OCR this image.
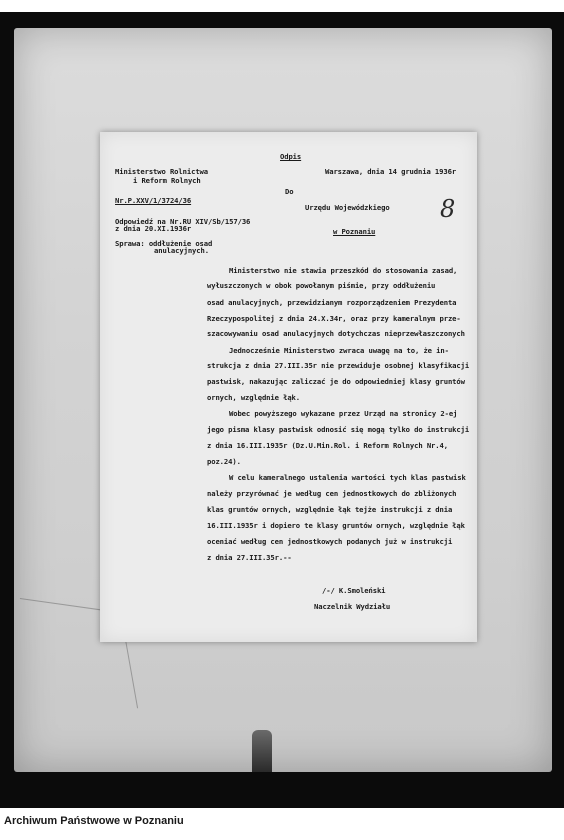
Odpis
Ministerstwo Rolnictwa
i Reform Rolnych
Nr.P.XXV/1/3724/36
Warszawa, dnia 14 grudnia 1936r
Do
Urzędu Wojewódzkiego
w Poznaniu
8
Odpowiedź na Nr.RU XIV/Sb/157/36
z dnia 20.XI.1936r
Sprawa: oddłużenie osad
anulacyjnych.
Ministerstwo nie stawia przeszkód do stosowania zasad,
wyłuszczonych w obok powołanym piśmie, przy oddłużeniu
osad anulacyjnych, przewidzianym rozporządzeniem Prezydenta
Rzeczypospolitej z dnia 24.X.34r, oraz przy kameralnym prze-
szacowywaniu osad anulacyjnych dotychczas nieprzewłaszczonych
Jednocześnie Ministerstwo zwraca uwagę na to, że in-
strukcja z dnia 27.III.35r nie przewiduje osobnej klasyfikacji
pastwisk, nakazując zaliczać je do odpowiedniej klasy gruntów
ornych, względnie łąk.
Wobec powyższego wykazane przez Urząd na stronicy 2-ej
jego pisma klasy pastwisk odnosić się mogą tylko do instrukcji
z dnia 16.III.1935r (Dz.U.Min.Rol. i Reform Rolnych Nr.4,
poz.24).
W celu kameralnego ustalenia wartości tych klas pastwisk
należy przyrównać je według cen jednostkowych do zbliżonych
klas gruntów ornych, względnie łąk tejże instrukcji z dnia
16.III.1935r i dopiero te klasy gruntów ornych, względnie łąk
oceniać według cen jednostkowych podanych już w instrukcji
z dnia 27.III.35r.--
/-/ K.Smoleński
Naczelnik Wydziału
Archiwum Państwowe w Poznaniu
